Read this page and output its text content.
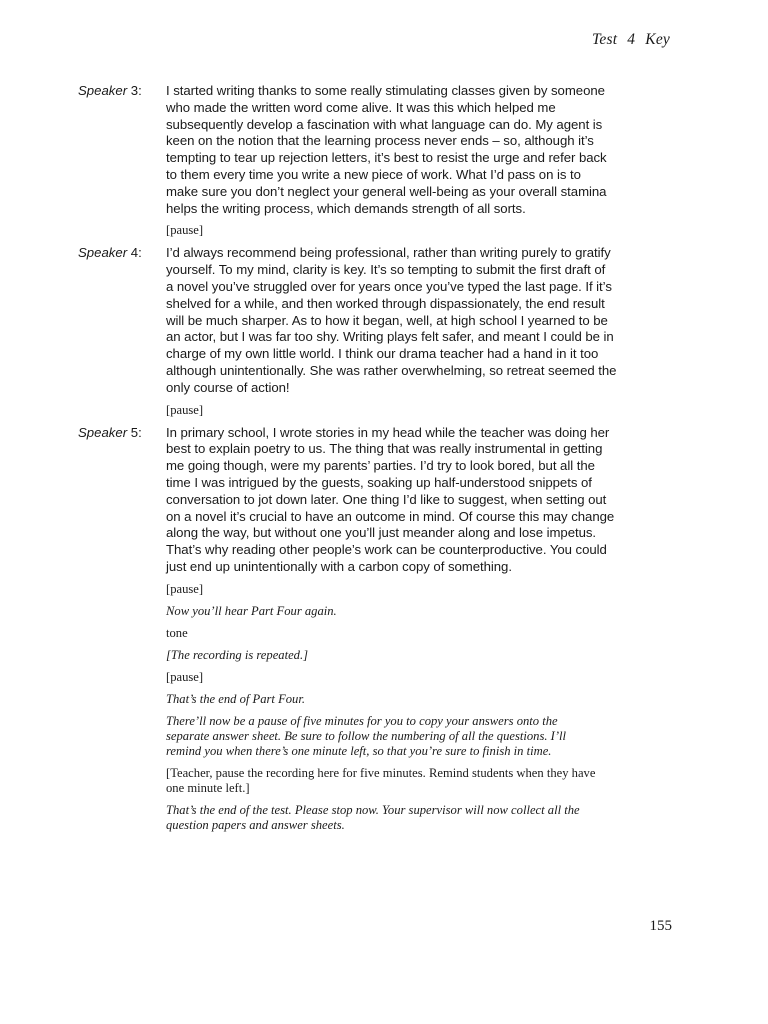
Test 4 Key
Speaker 3:	I started writing thanks to some really stimulating classes given by someone
who made the written word come alive. It was this which helped me
subsequently develop a fascination with what language can do. My agent is
keen on the notion that the learning process never ends – so, although it’s
tempting to tear up rejection letters, it’s best to resist the urge and refer back
to them every time you write a new piece of work. What I’d pass on is to
make sure you don’t neglect your general well-being as your overall stamina
helps the writing process, which demands strength of all sorts.
[pause]
Speaker 4:	I’d always recommend being professional, rather than writing purely to gratify
yourself. To my mind, clarity is key. It’s so tempting to submit the first draft of
a novel you’ve struggled over for years once you’ve typed the last page. If it’s
shelved for a while, and then worked through dispassionately, the end result
will be much sharper. As to how it began, well, at high school I yearned to be
an actor, but I was far too shy. Writing plays felt safer, and meant I could be in
charge of my own little world. I think our drama teacher had a hand in it too
although unintentionally. She was rather overwhelming, so retreat seemed the
only course of action!
[pause]
Speaker 5:	In primary school, I wrote stories in my head while the teacher was doing her
best to explain poetry to us. The thing that was really instrumental in getting
me going though, were my parents’ parties. I’d try to look bored, but all the
time I was intrigued by the guests, soaking up half-understood snippets of
conversation to jot down later. One thing I’d like to suggest, when setting out
on a novel it’s crucial to have an outcome in mind. Of course this may change
along the way, but without one you’ll just meander along and lose impetus.
That’s why reading other people’s work can be counterproductive. You could
just end up unintentionally with a carbon copy of something.
[pause]
Now you’ll hear Part Four again.
tone
[The recording is repeated.]
[pause]
That’s the end of Part Four.
There’ll now be a pause of five minutes for you to copy your answers onto the
separate answer sheet. Be sure to follow the numbering of all the questions. I’ll
remind you when there’s one minute left, so that you’re sure to finish in time.
[Teacher, pause the recording here for five minutes. Remind students when they have
one minute left.]
That’s the end of the test. Please stop now. Your supervisor will now collect all the
question papers and answer sheets.
155
